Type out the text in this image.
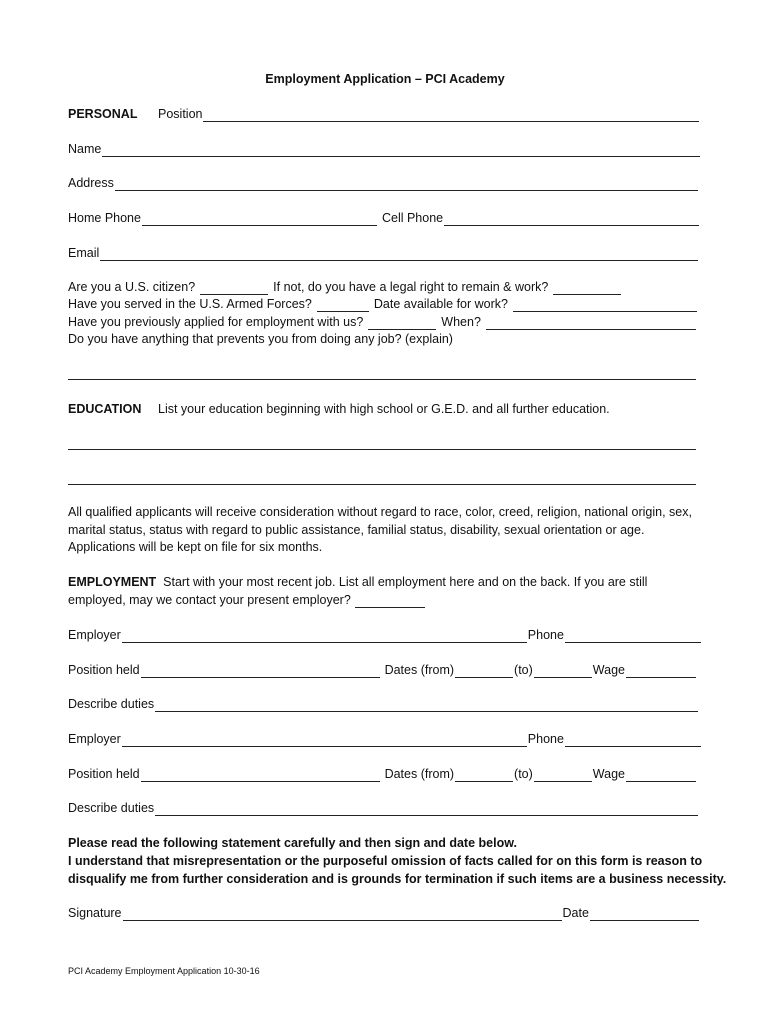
Employment Application – PCI Academy
PERSONAL Position
Name
Address
Home Phone	Cell Phone
Email
Are you a U.S. citizen?	If not, do you have a legal right to remain & work?
Have you served in the U.S. Armed Forces?	Date available for work?
Have you previously applied for employment with us?	When?
Do you have anything that prevents you from doing any job? (explain)
EDUCATION List your education beginning with high school or G.E.D. and all further education.
All qualified applicants will receive consideration without regard to race, color, creed, religion, national origin, sex, marital status, status with regard to public assistance, familial status, disability, sexual orientation or age. Applications will be kept on file for six months.
EMPLOYMENT Start with your most recent job. List all employment here and on the back. If you are still
employed, may we contact your present employer?
Employer	Phone
Position held	Dates (from)	(to)	Wage
Describe duties
Employer	Phone
Position held	Dates (from)	(to)	Wage
Describe duties
Please read the following statement carefully and then sign and date below.
I understand that misrepresentation or the purposeful omission of facts called for on this form is reason to
disqualify me from further consideration and is grounds for termination if such items are a business necessity.
Signature	Date
PCI Academy Employment Application 10-30-16
